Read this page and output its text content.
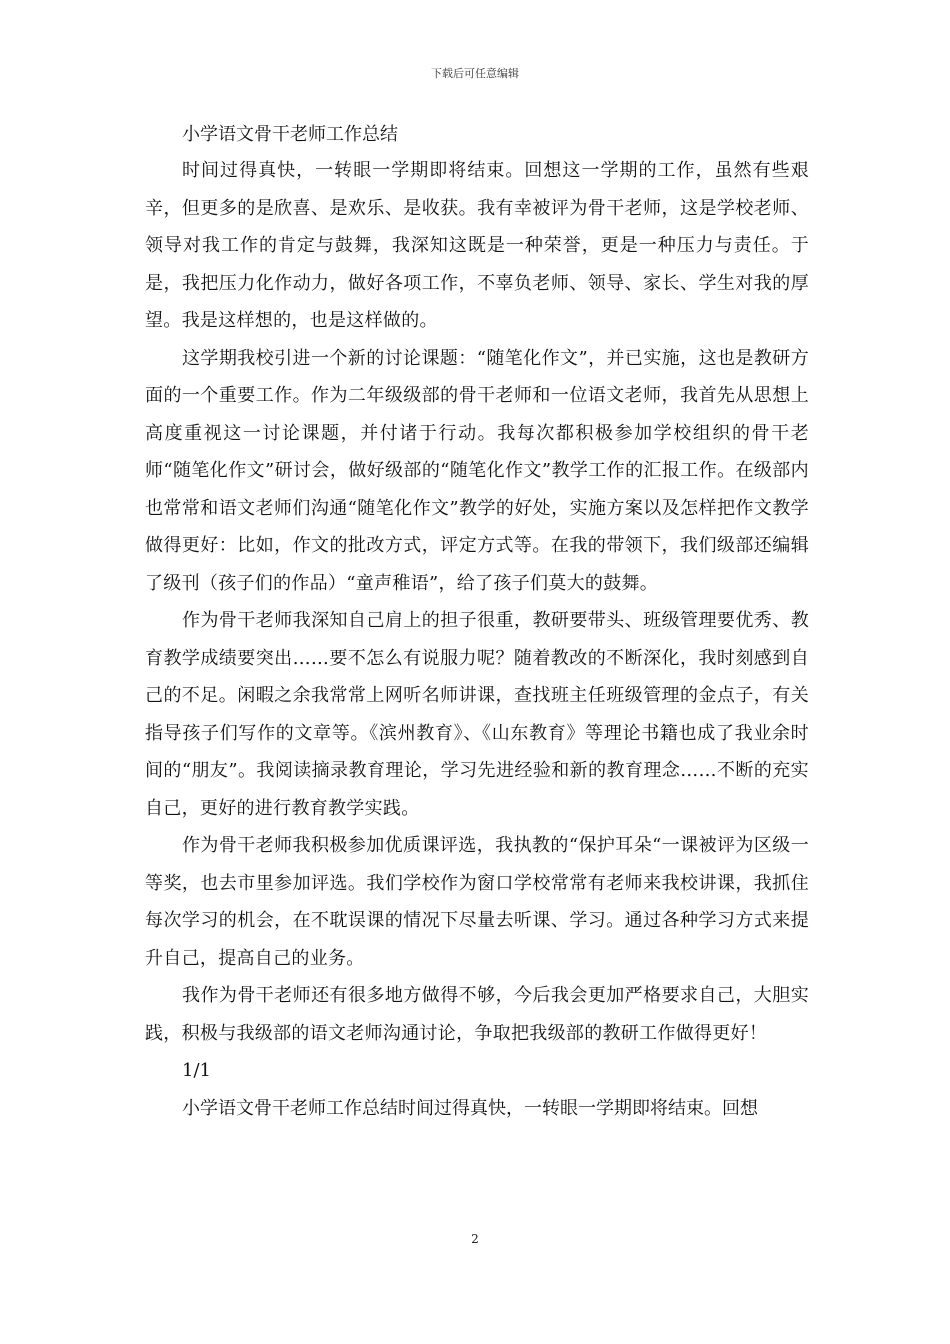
下载后可任意编辑
小学语文骨干老师工作总结

时间过得真快，一转眼一学期即将结束。回想这一学期的工作，虽然有些艰辛，但更多的是欣喜、是欢乐、是收获。我有幸被评为骨干老师，这是学校老师、领导对我工作的肯定与鼓舞，我深知这既是一种荣誉，更是一种压力与责任。于是，我把压力化作动力，做好各项工作，不辜负老师、领导、家长、学生对我的厚望。我是这样想的，也是这样做的。

这学期我校引进一个新的讨论课题：“随笔化作文”，并已实施，这也是教研方面的一个重要工作。作为二年级级部的骨干老师和一位语文老师，我首先从思想上高度重视这一讨论课题，并付诸于行动。我每次都积极参加学校组织的骨干老师“随笔化作文”研讨会，做好级部的“随笔化作文”教学工作的汇报工作。在级部内也常常和语文老师们沟通“随笔化作文”教学的好处，实施方案以及怎样把作文教学做得更好：比如，作文的批改方式，评定方式等。在我的带领下，我们级部还编辑了级刊（孩子们的作品）“童声稚语”，给了孩子们莫大的鼓舞。

作为骨干老师我深知自己肩上的担子很重，教研要带头、班级管理要优秀、教育教学成绩要突出……要不怎么有说服力呢？随着教改的不断深化，我时刻感到自己的不足。闲暇之余我常常上网听名师讲课，查找班主任班级管理的金点子，有关指导孩子们写作的文章等。《滨州教育》、《山东教育》等理论书籍也成了我业余时间的“朋友”。我阅读摘录教育理论，学习先进经验和新的教育理念……不断的充实自己，更好的进行教育教学实践。

作为骨干老师我积极参加优质课评选，我执教的“保护耳朵“一课被评为区级一等奖，也去市里参加评选。我们学校作为窗口学校常常有老师来我校讲课，我抓住每次学习的机会，在不耽误课的情况下尽量去听课、学习。通过各种学习方式来提升自己，提高自己的业务。

我作为骨干老师还有很多地方做得不够，今后我会更加严格要求自己，大胆实践，积极与我级部的语文老师沟通讨论，争取把我级部的教研工作做得更好！

1/1
小学语文骨干老师工作总结时间过得真快，一转眼一学期即将结束。回想
2
